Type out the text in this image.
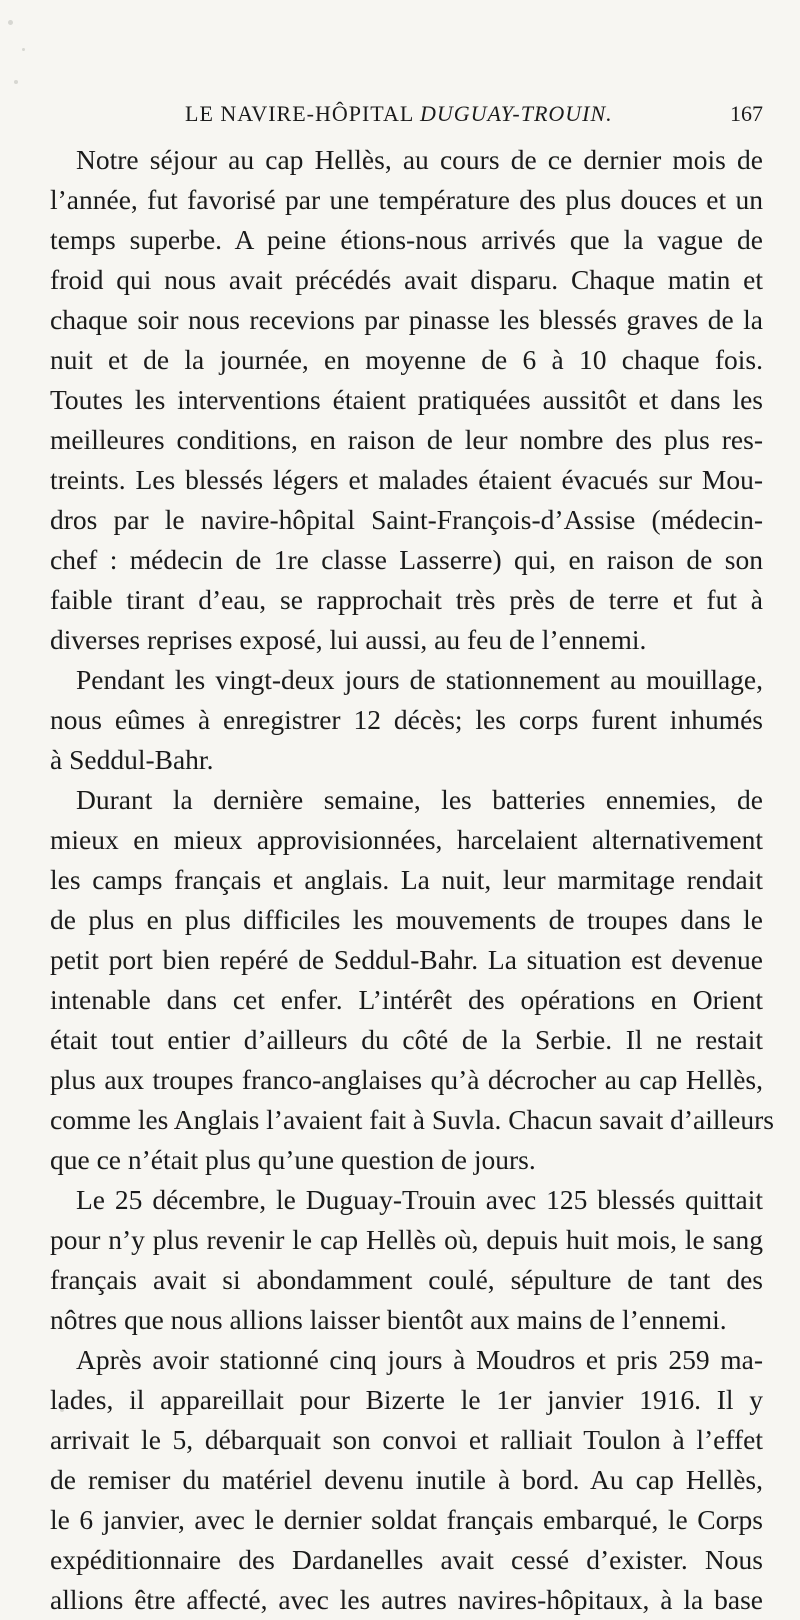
LE NAVIRE-HÔPITAL DUGUAY-TROUIN.	167
Notre séjour au cap Hellès, au cours de ce dernier mois de
l’année, fut favorisé par une température des plus douces et un
temps superbe. A peine étions-nous arrivés que la vague de
froid qui nous avait précédés avait disparu. Chaque matin et
chaque soir nous recevions par pinasse les blessés graves de la
nuit et de la journée, en moyenne de 6 à 10 chaque fois.
Toutes les interventions étaient pratiquées aussitôt et dans les
meilleures conditions, en raison de leur nombre des plus res-
treints. Les blessés légers et malades étaient évacués sur Mou-
dros par le navire-hôpital Saint-François-d’Assise (médecin-
chef : médecin de 1re classe Lasserre) qui, en raison de son
faible tirant d’eau, se rapprochait très près de terre et fut à
diverses reprises exposé, lui aussi, au feu de l’ennemi.
Pendant les vingt-deux jours de stationnement au mouillage,
nous eûmes à enregistrer 12 décès; les corps furent inhumés
à Seddul-Bahr.
Durant la dernière semaine, les batteries ennemies, de
mieux en mieux approvisionnées, harcelaient alternativement
les camps français et anglais. La nuit, leur marmitage rendait
de plus en plus difficiles les mouvements de troupes dans le
petit port bien repéré de Seddul-Bahr. La situation est devenue
intenable dans cet enfer. L’intérêt des opérations en Orient
était tout entier d’ailleurs du côté de la Serbie. Il ne restait
plus aux troupes franco-anglaises qu’à décrocher au cap Hellès,
comme les Anglais l’avaient fait à Suvla. Chacun savait d’ailleurs
que ce n’était plus qu’une question de jours.
Le 25 décembre, le Duguay-Trouin avec 125 blessés quittait
pour n’y plus revenir le cap Hellès où, depuis huit mois, le sang
français avait si abondamment coulé, sépulture de tant des
nôtres que nous allions laisser bientôt aux mains de l’ennemi.
Après avoir stationné cinq jours à Moudros et pris 259 ma-
lades, il appareillait pour Bizerte le 1er janvier 1916. Il y
arrivait le 5, débarquait son convoi et ralliait Toulon à l’effet
de remiser du matériel devenu inutile à bord. Au cap Hellès,
le 6 janvier, avec le dernier soldat français embarqué, le Corps
expéditionnaire des Dardanelles avait cessé d’exister. Nous
allions être affecté, avec les autres navires-hôpitaux, à la base
